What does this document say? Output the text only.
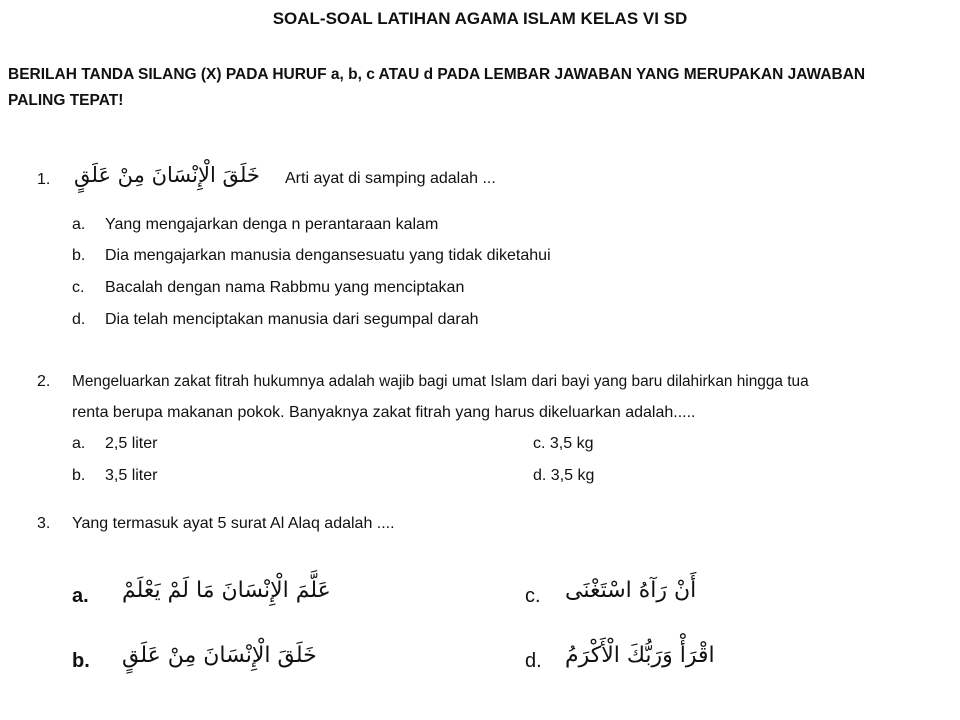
SOAL-SOAL LATIHAN AGAMA ISLAM KELAS VI SD
BERILAH TANDA SILANG (X) PADA HURUF a, b, c ATAU d PADA LEMBAR JAWABAN YANG MERUPAKAN JAWABAN
PALING TEPAT!
1. خَلَقَ الْإِنْسَانَ مِنْ عَلَقٍ Arti ayat di samping adalah ...
a. Yang mengajarkan denga n perantaraan kalam
b. Dia mengajarkan manusia dengansesuatu yang tidak diketahui
c. Bacalah dengan nama Rabbmu yang menciptakan
d. Dia telah menciptakan manusia dari segumpal darah
2. Mengeluarkan zakat fitrah hukumnya adalah wajib bagi umat Islam dari bayi yang baru dilahirkan hingga tua
renta berupa makanan pokok. Banyaknya zakat fitrah yang harus dikeluarkan adalah.....
a. 2,5 liter
b. 3,5 liter
c. 3,5 kg
d. 3,5 kg
3. Yang termasuk ayat 5 surat Al Alaq adalah ....
a. عَلَّمَ الْإِنْسَانَ مَا لَمْ يَعْلَمْ
b. خَلَقَ الْإِنْسَانَ مِنْ عَلَقٍ
c. أَنْ رَآهُ اسْتَغْنَى
d. اقْرَأْ وَرَبُّكَ الْأَكْرَمُ
